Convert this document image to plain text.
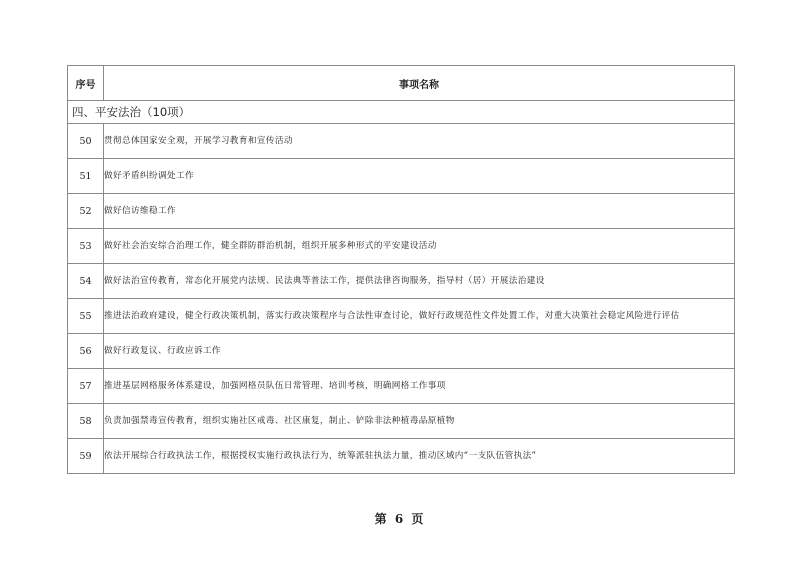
序号	事项名称
四、平安法治（10项）	
50	贯彻总体国家安全观，开展学习教育和宣传活动
51	做好矛盾纠纷调处工作
52	做好信访维稳工作
53	做好社会治安综合治理工作，健全群防群治机制，组织开展多种形式的平安建设活动
54	做好法治宣传教育，常态化开展党内法规、民法典等普法工作，提供法律咨询服务，指导村（居）开展法治建设
55	推进法治政府建设，健全行政决策机制，落实行政决策程序与合法性审查讨论，做好行政规范性文件处置工作，对重大决策社会稳定风险进行评估
56	做好行政复议、行政应诉工作
57	推进基层网格服务体系建设，加强网格员队伍日常管理、培训考核，明确网格工作事项
58	负责加强禁毒宣传教育，组织实施社区戒毒、社区康复，制止、铲除非法种植毒品原植物
59	依法开展综合行政执法工作，根据授权实施行政执法行为，统筹派驻执法力量，推动区域内“一支队伍管执法”
第 6 页
